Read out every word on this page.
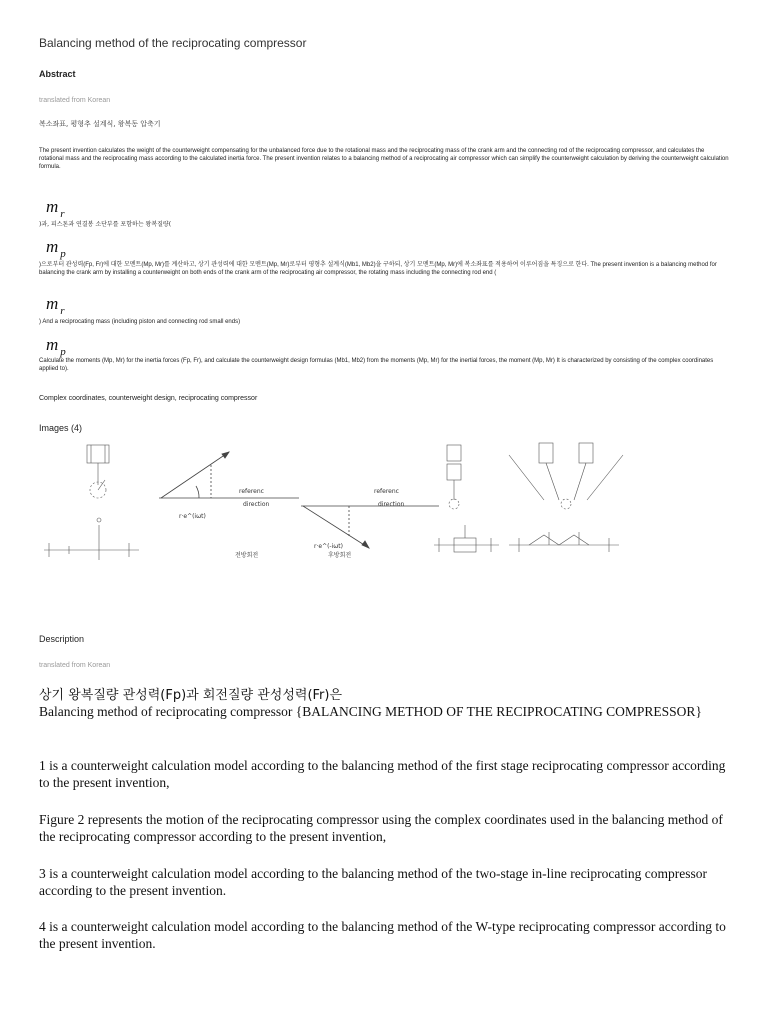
Balancing method of the reciprocating compressor
Abstract
translated from Korean
복소좌표, 평형추 설계식, 왕복동 압축기
The present invention calculates the weight of the counterweight compensating for the unbalanced force due to the rotational mass and the reciprocating mass of the crank arm and the connecting rod of the reciprocating compressor, and calculates the rotational mass and the reciprocating mass according to the calculated inertia force. The present invention relates to a balancing method of a reciprocating air compressor which can simplify the counterweight calculation by deriving the counterweight calculation formula.
m $_r$
)과, 피스톤과 연결봉 소단부를 포함하는 왕복질량(
m $_p$
)으로부터 관성력(Fp, Fr)에 대한 모멘트(Mp, Mr)를 계산하고, 상기 관성력에 대한 모멘트(Mp, Mr)로부터 평형추 설계식(Mb1, Mb2)을 구하되, 상기 모멘트(Mp, Mr)에 복소좌표를 적용하여 이루어짐을 특징으로 한다. The present invention is a balancing method for balancing the crank arm by installing a counterweight on both ends of the crank arm of the reciprocating air compressor, the rotating mass including the connecting rod end (
m $_r$
) And a reciprocating mass (including piston and connecting rod small ends)
m $_p$
Calculate the moments (Mp, Mr) for the inertia forces (Fp, Fr), and calculate the counterweight design formulas (Mb1, Mb2) from the moments (Mp, Mr) for the inertial forces, the moment (Mp, Mr) It is characterized by consisting of the complex coordinates applied to).
Complex coordinates, counterweight design, reciprocating compressor
Images (4)
referenc
direction
r·e^(iωt)
referenc
direction
r·e^(-iωt)
전방회전	후방회전
Description
translated from Korean
상기 왕복질량 관성력(Fp)과 회전질량 관성성력(Fr)은
Balancing method of reciprocating compressor {BALANCING METHOD OF THE RECIPROCATING COMPRESSOR}
1 is a counterweight calculation model according to the balancing method of the first stage reciprocating compressor according to the present invention,
Figure 2 represents the motion of the reciprocating compressor using the complex coordinates used in the balancing method of the reciprocating compressor according to the present invention,
3 is a counterweight calculation model according to the balancing method of the two-stage in-line reciprocating compressor according to the present invention.
4 is a counterweight calculation model according to the balancing method of the W-type reciprocating compressor according to the present invention.
